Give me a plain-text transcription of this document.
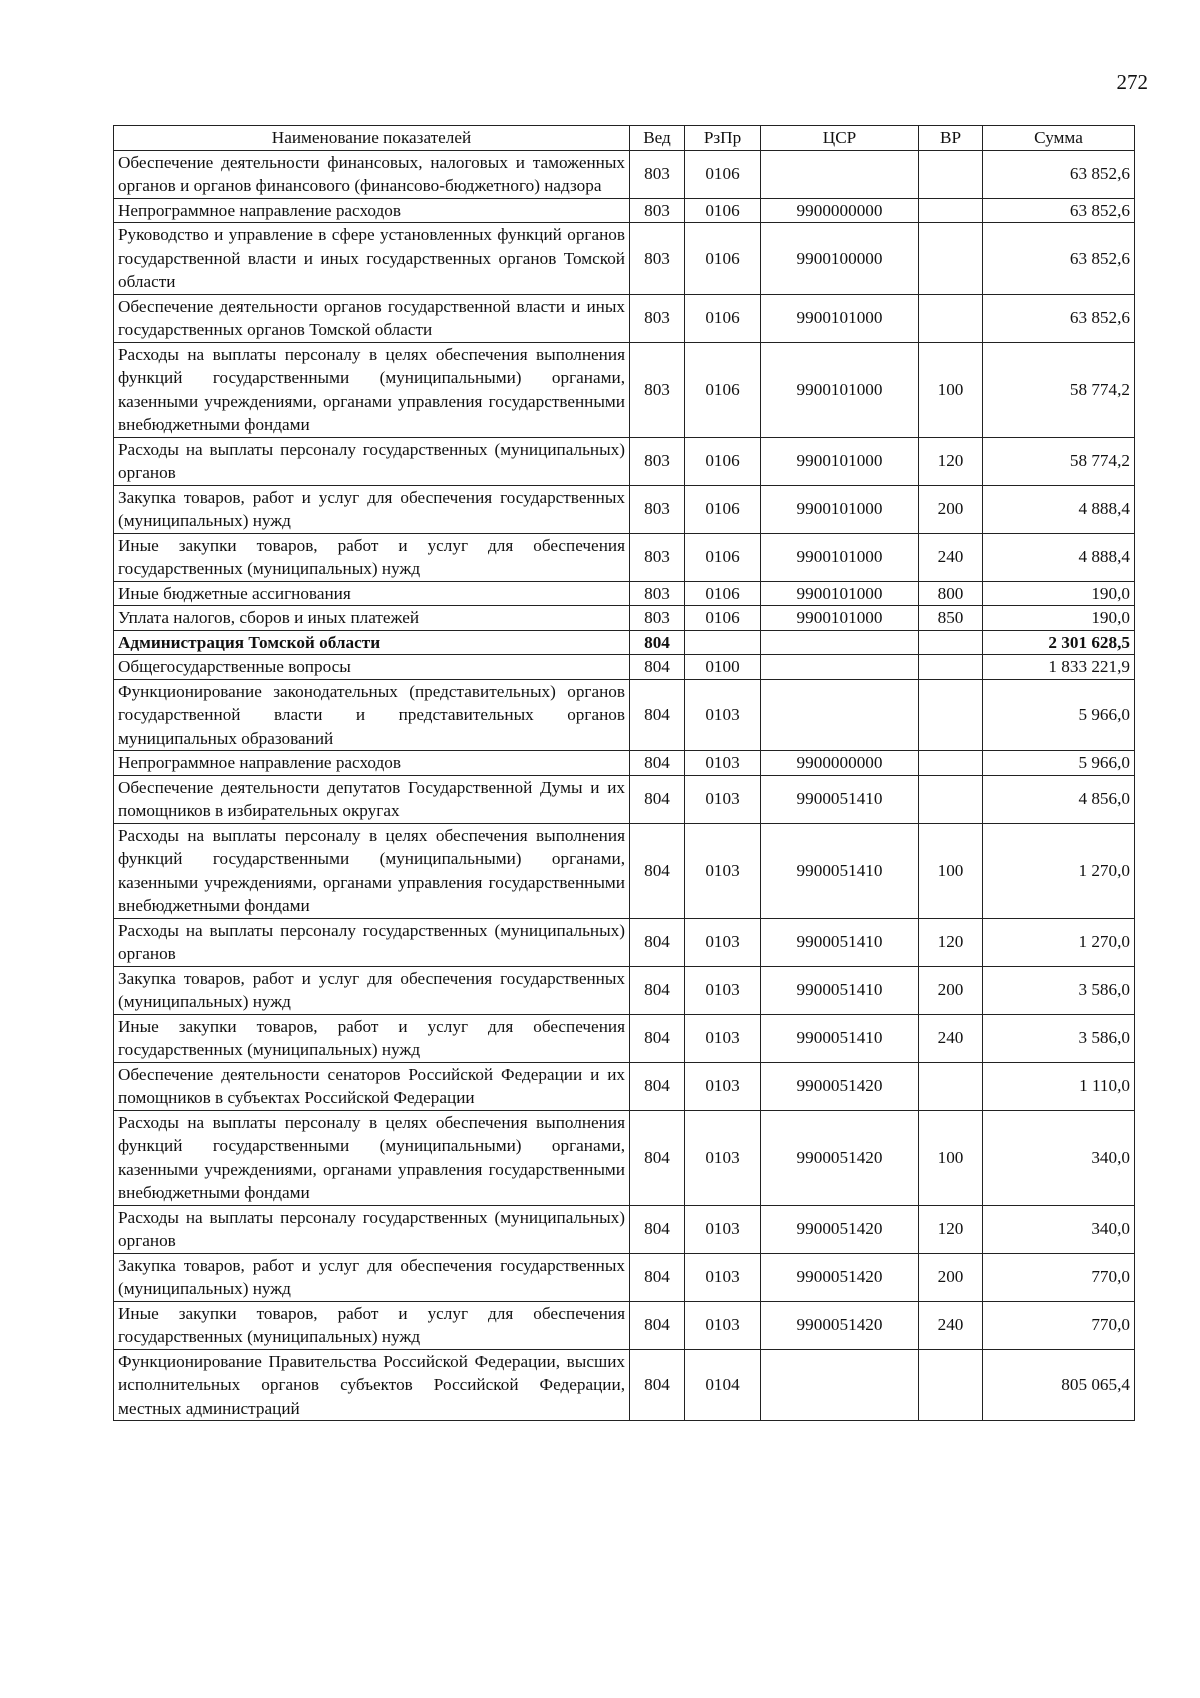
272
Наименование показателей	Вед	РзПр	ЦСР	ВР	Сумма
Обеспечение деятельности финансовых, налоговых и таможенных органов и органов финансового (финансово-бюджетного) надзора	803	0106			63 852,6
Непрограммное направление расходов	803	0106	9900000000		63 852,6
Руководство и управление в сфере установленных функций органов государственной власти и иных государственных органов Томской области	803	0106	9900100000		63 852,6
Обеспечение деятельности органов государственной власти и иных государственных органов Томской области	803	0106	9900101000		63 852,6
Расходы на выплаты персоналу в целях обеспечения выполнения функций государственными (муниципальными) органами, казенными учреждениями, органами управления государственными внебюджетными фондами	803	0106	9900101000	100	58 774,2
Расходы на выплаты персоналу государственных (муниципальных) органов	803	0106	9900101000	120	58 774,2
Закупка товаров, работ и услуг для обеспечения государственных (муниципальных) нужд	803	0106	9900101000	200	4 888,4
Иные закупки товаров, работ и услуг для обеспечения государственных (муниципальных) нужд	803	0106	9900101000	240	4 888,4
Иные бюджетные ассигнования	803	0106	9900101000	800	190,0
Уплата налогов, сборов и иных платежей	803	0106	9900101000	850	190,0
Администрация Томской области	804				2 301 628,5
Общегосударственные вопросы	804	0100			1 833 221,9
Функционирование законодательных (представительных) органов государственной власти и представительных органов муниципальных образований	804	0103			5 966,0
Непрограммное направление расходов	804	0103	9900000000		5 966,0
Обеспечение деятельности депутатов Государственной Думы и их помощников в избирательных округах	804	0103	9900051410		4 856,0
Расходы на выплаты персоналу в целях обеспечения выполнения функций государственными (муниципальными) органами, казенными учреждениями, органами управления государственными внебюджетными фондами	804	0103	9900051410	100	1 270,0
Расходы на выплаты персоналу государственных (муниципальных) органов	804	0103	9900051410	120	1 270,0
Закупка товаров, работ и услуг для обеспечения государственных (муниципальных) нужд	804	0103	9900051410	200	3 586,0
Иные закупки товаров, работ и услуг для обеспечения государственных (муниципальных) нужд	804	0103	9900051410	240	3 586,0
Обеспечение деятельности сенаторов Российской Федерации и их помощников в субъектах Российской Федерации	804	0103	9900051420		1 110,0
Расходы на выплаты персоналу в целях обеспечения выполнения функций государственными (муниципальными) органами, казенными учреждениями, органами управления государственными внебюджетными фондами	804	0103	9900051420	100	340,0
Расходы на выплаты персоналу государственных (муниципальных) органов	804	0103	9900051420	120	340,0
Закупка товаров, работ и услуг для обеспечения государственных (муниципальных) нужд	804	0103	9900051420	200	770,0
Иные закупки товаров, работ и услуг для обеспечения государственных (муниципальных) нужд	804	0103	9900051420	240	770,0
Функционирование Правительства Российской Федерации, высших исполнительных органов субъектов Российской Федерации, местных администраций	804	0104			805 065,4
